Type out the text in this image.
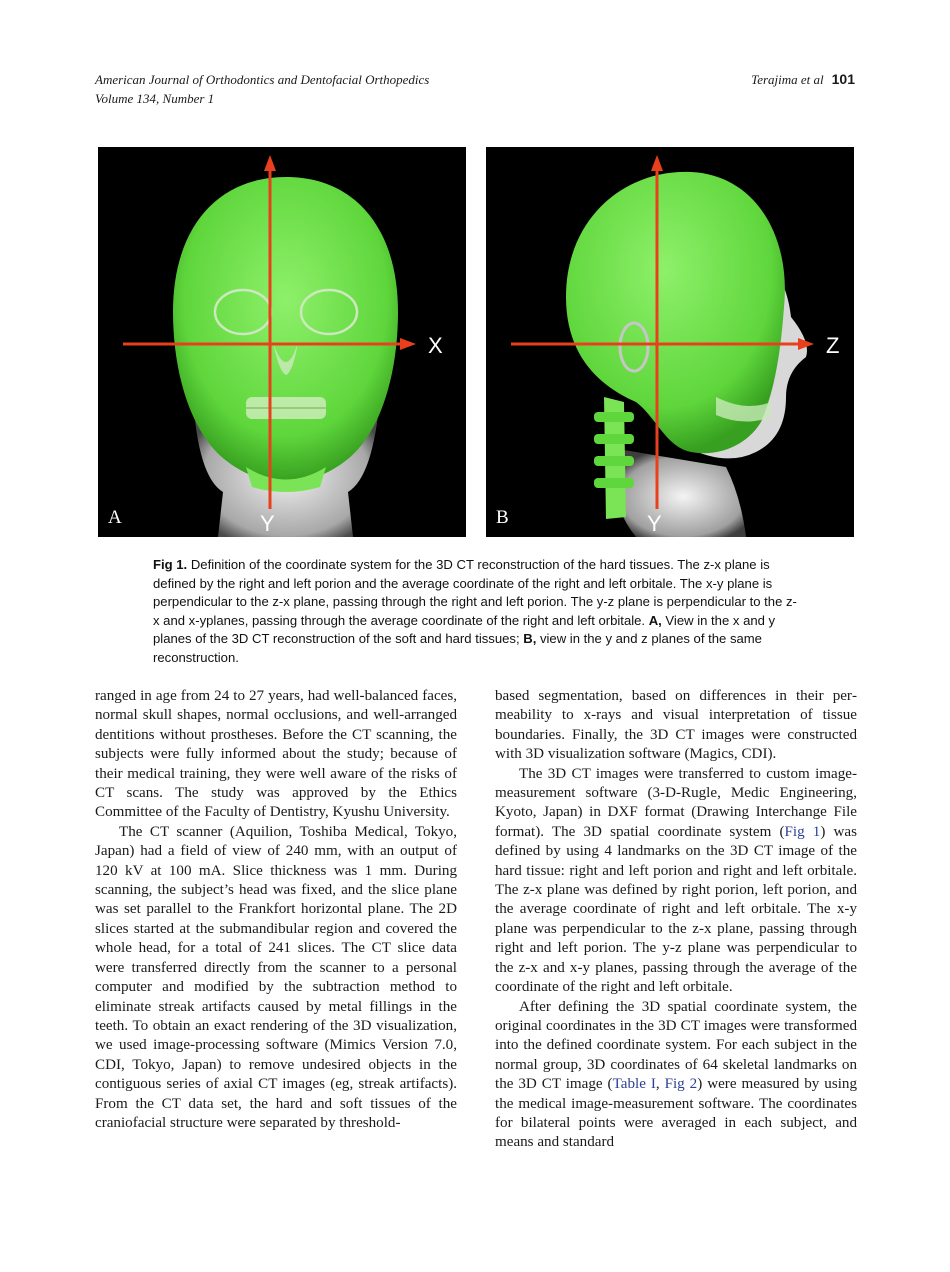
American Journal of Orthodontics and Dentofacial Orthopedics
Volume 134, Number 1
Terajima et al 101
X
Y
A
Z
Y
B
Fig 1. Definition of the coordinate system for the 3D CT reconstruction of the hard tissues. The z-x plane is defined by the right and left porion and the average coordinate of the right and left orbitale. The x-y plane is perpendicular to the z-x plane, passing through the right and left porion. The y-z plane is perpendicular to the z-x and x-yplanes, passing through the average coordinate of the right and left orbitale. A, View in the x and y planes of the 3D CT reconstruction of the soft and hard tissues; B, view in the y and z planes of the same reconstruction.

ranged in age from 24 to 27 years, had well-balanced faces, normal skull shapes, normal occlusions, and well-arranged dentitions without prostheses. Before the CT scanning, the subjects were fully informed about the study; because of their medical training, they were well aware of the risks of CT scans. The study was approved by the Ethics Committee of the Faculty of Dentistry, Kyushu University.

The CT scanner (Aquilion, Toshiba Medical, Tokyo, Japan) had a field of view of 240 mm, with an output of 120 kV at 100 mA. Slice thickness was 1 mm. During scanning, the subject’s head was fixed, and the slice plane was set parallel to the Frankfort horizontal plane. The 2D slices started at the submandibular region and covered the whole head, for a total of 241 slices. The CT slice data were transferred directly from the scanner to a personal computer and modified by the subtraction method to eliminate streak artifacts caused by metal fillings in the teeth. To obtain an exact rendering of the 3D visualization, we used image-processing software (Mimics Version 7.0, CDI, Tokyo, Japan) to remove undesired objects in the contiguous series of axial CT images (eg, streak artifacts). From the CT data set, the hard and soft tissues of the craniofacial structure were separated by threshold-

based segmentation, based on differences in their permeability to x-rays and visual interpretation of tissue boundaries. Finally, the 3D CT images were constructed with 3D visualization software (Magics, CDI).

The 3D CT images were transferred to custom image-measurement software (3-D-Rugle, Medic Engineering, Kyoto, Japan) in DXF format (Drawing Interchange File format). The 3D spatial coordinate system (Fig 1) was defined by using 4 landmarks on the 3D CT image of the hard tissue: right and left porion and right and left orbitale. The z-x plane was defined by right porion, left porion, and the average coordinate of right and left orbitale. The x-y plane was perpendicular to the z-x plane, passing through right and left porion. The y-z plane was perpendicular to the z-x and x-y planes, passing through the average of the coordinate of the right and left orbitale.

After defining the 3D spatial coordinate system, the original coordinates in the 3D CT images were transformed into the defined coordinate system. For each subject in the normal group, 3D coordinates of 64 skeletal landmarks on the 3D CT image (Table I, Fig 2) were measured by using the medical image-measurement software. The coordinates for bilateral points were averaged in each subject, and means and standard
